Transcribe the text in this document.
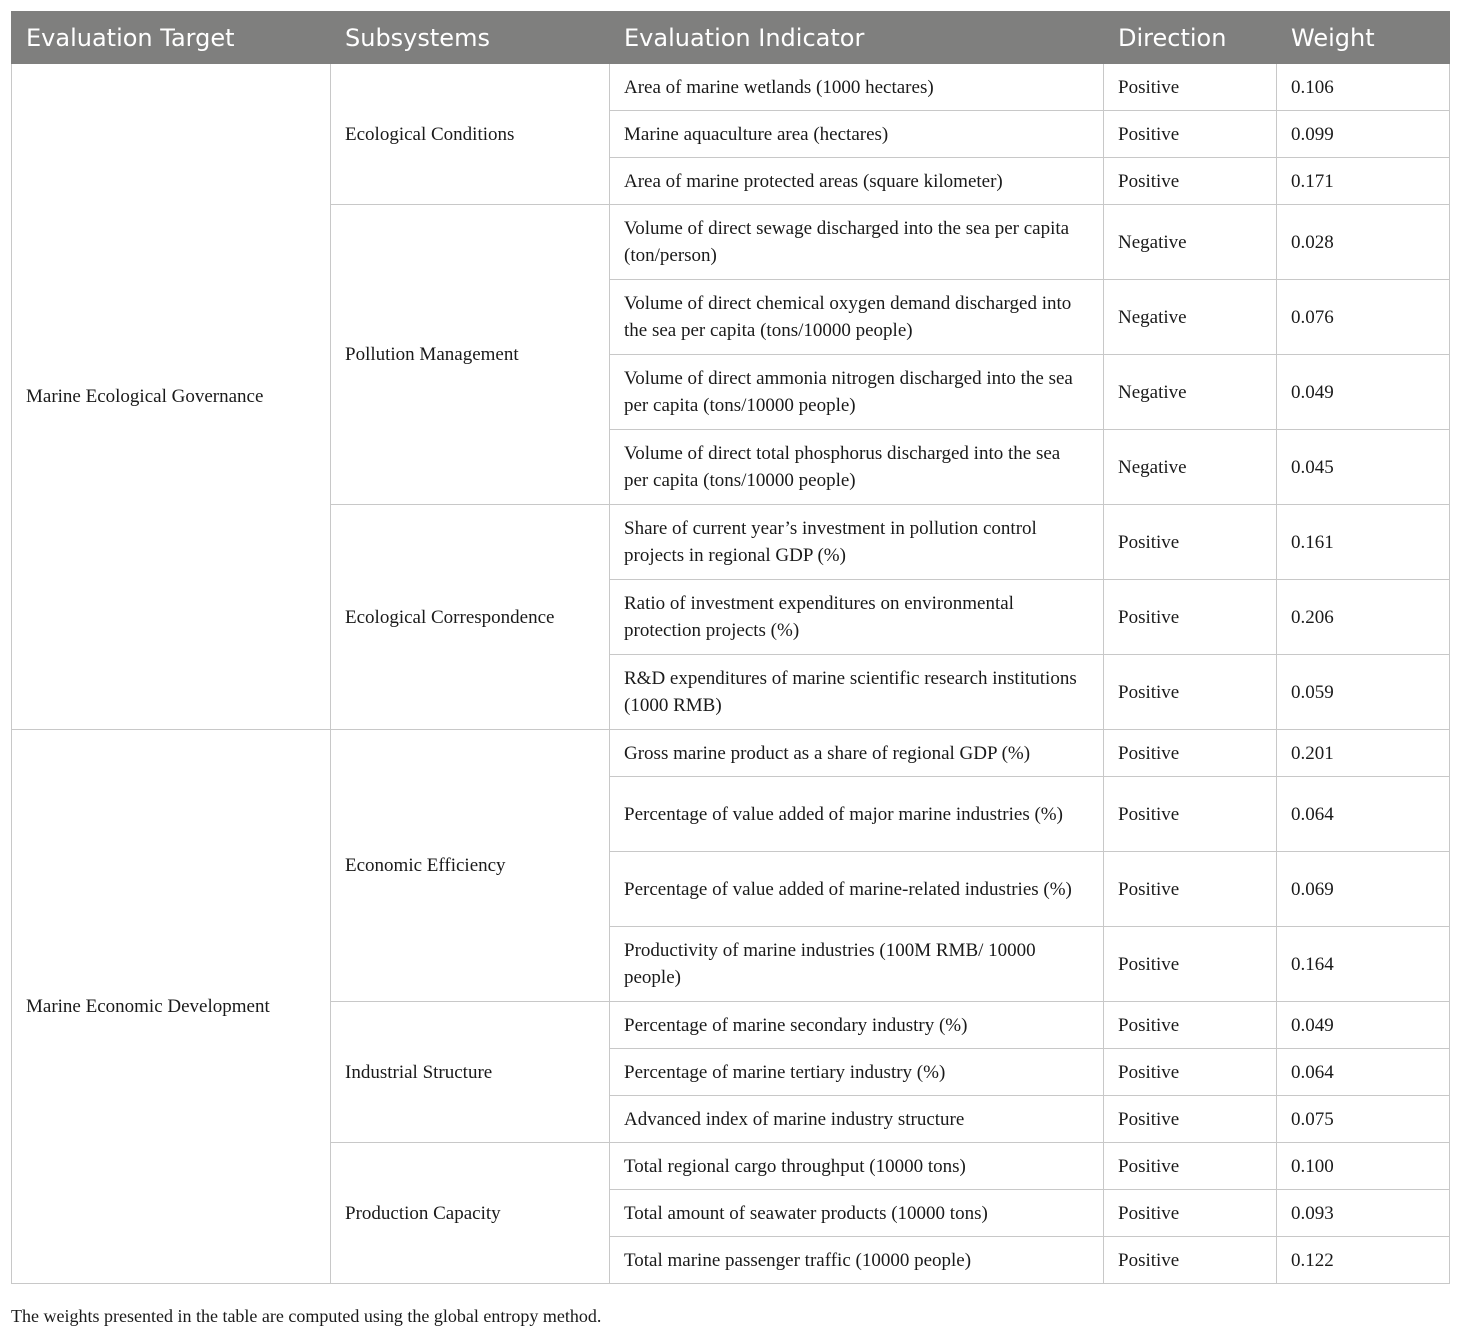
Evaluation Target	Subsystems	Evaluation Indicator	Direction	Weight
Marine Ecological Governance	Ecological Conditions	Area of marine wetlands (1000 hectares)	Positive	0.106
		Marine aquaculture area (hectares)	Positive	0.099
		Area of marine protected areas (square kilometer)	Positive	0.171
	Pollution Management	Volume of direct sewage discharged into the sea per capita (ton/person)	Negative	0.028
		Volume of direct chemical oxygen demand discharged into the sea per capita (tons/10000 people)	Negative	0.076
		Volume of direct ammonia nitrogen discharged into the sea per capita (tons/10000 people)	Negative	0.049
		Volume of direct total phosphorus discharged into the sea per capita (tons/10000 people)	Negative	0.045
	Ecological Correspondence	Share of current year’s investment in pollution control projects in regional GDP (%)	Positive	0.161
		Ratio of investment expenditures on environmental protection projects (%)	Positive	0.206
		R&D expenditures of marine scientific research institutions (1000 RMB)	Positive	0.059
Marine Economic Development	Economic Efficiency	Gross marine product as a share of regional GDP (%)	Positive	0.201
		Percentage of value added of major marine industries (%)	Positive	0.064
		Percentage of value added of marine-related industries (%)	Positive	0.069
		Productivity of marine industries (100M RMB/ 10000 people)	Positive	0.164
	Industrial Structure	Percentage of marine secondary industry (%)	Positive	0.049
		Percentage of marine tertiary industry (%)	Positive	0.064
		Advanced index of marine industry structure	Positive	0.075
	Production Capacity	Total regional cargo throughput (10000 tons)	Positive	0.100
		Total amount of seawater products (10000 tons)	Positive	0.093
		Total marine passenger traffic (10000 people)	Positive	0.122
The weights presented in the table are computed using the global entropy method.
